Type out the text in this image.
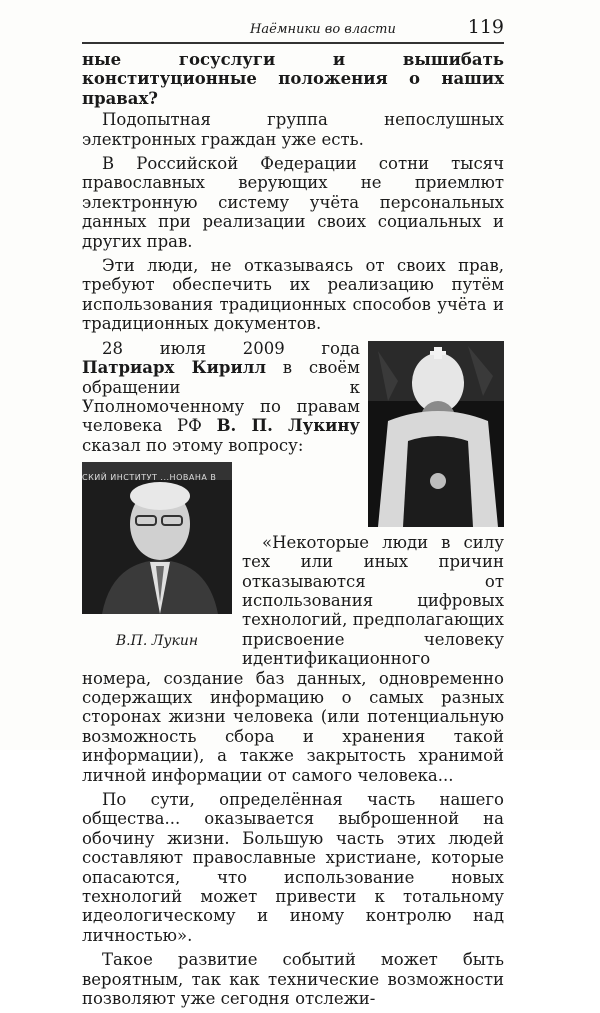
Наёмники во власти	119

ные госуслуги и вышибать конституционные положения о наших правах?

Подопытная группа непослушных электронных граждан уже есть.

В Российской Федерации сотни тысяч православных верующих не приемлют электронную систему учёта персональных данных при реализации своих социальных и других прав.

Эти люди, не отказываясь от своих прав, требуют обеспечить их реализацию путём использования традиционных способов учёта и традиционных документов.

28 июля 2009 года Патриарх Кирилл в своём обращении к Уполномоченному по правам человека РФ В. П. Лукину сказал по этому вопросу:

СКИЙ ИНСТИТУТ ...НОВАНА В
В.П. Лукин
«Некоторые люди в силу тех или иных причин отказываются от использования цифровых технологий, предполагающих присвоение человеку идентификационного номера, создание баз данных, одновременно содержащих информацию о самых разных сторонах жизни человека (или потенциальную возможность сбора и хранения такой информации), а также закрытость хранимой личной информации от самого человека...

По сути, определённая часть нашего общества... оказывается выброшенной на обочину жизни. Большую часть этих людей составляют православные христиане, которые опасаются, что использование новых технологий может привести к тотальному идеологическому и иному контролю над личностью».

Такое развитие событий может быть вероятным, так как технические возможности позволяют уже сегодня отслежи-
